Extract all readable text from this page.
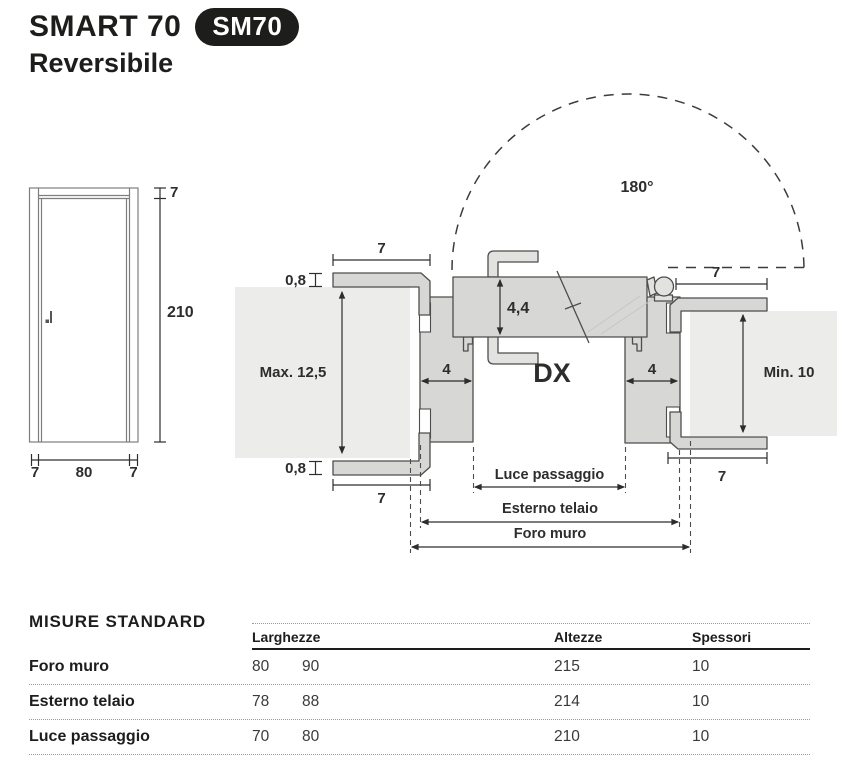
SMART 70	SM70
Reversibile
7
210
7 80 7
180°
7
0,8
0,8
Max. 12,5	4
4,4
DX	4	Min. 10
7
7
7
Luce passaggio
Esterno telaio
Foro muro
MISURE STANDARD
Larghezze	Altezze	Spessori
Foro muro	80	90	215	10
Esterno telaio	78	88	214	10
Luce passaggio	70	80	210	10
